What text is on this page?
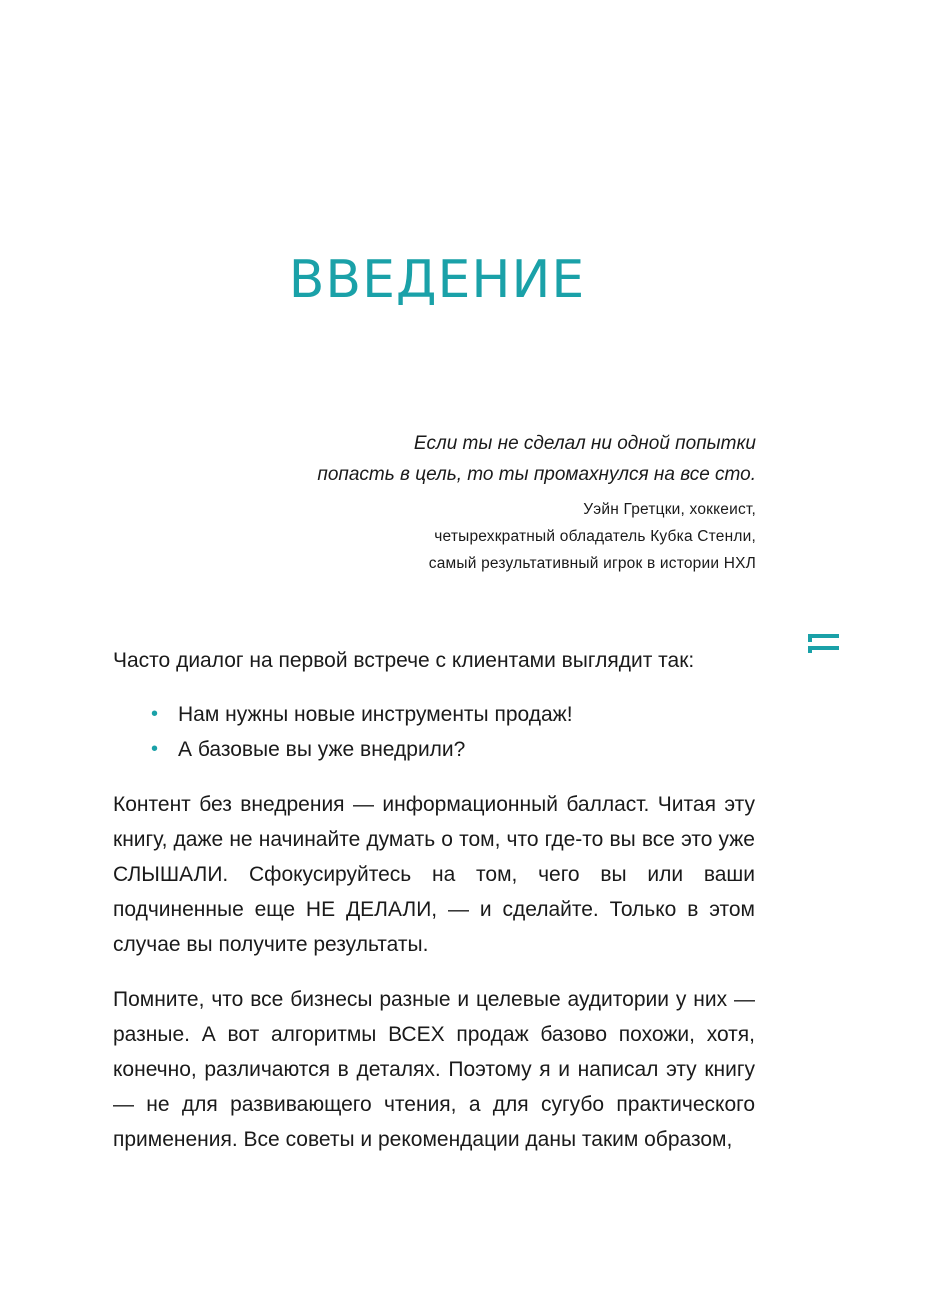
ВВЕДЕНИЕ

Если ты не сделал ни одной попытки
попасть в цель, то ты промахнулся на все сто.

Уэйн Гретцки, хоккеист,
четырехкратный обладатель Кубка Стенли,
самый результативный игрок в истории НХЛ
11

Часто диалог на первой встрече с клиентами выглядит так:

• Нам нужны новые инструменты продаж!
• А базовые вы уже внедрили?

Контент без внедрения — информационный балласт. Читая эту книгу, даже не начинайте думать о том, что где-то вы все это уже СЛЫШАЛИ. Сфокусируйтесь на том, чего вы или ваши подчиненные еще НЕ ДЕЛАЛИ, — и сделайте. Только в этом случае вы получите результаты.

Помните, что все бизнесы разные и целевые аудитории у них — разные. А вот алгоритмы ВСЕХ продаж базово похожи, хотя, конечно, различаются в деталях. Поэтому я и написал эту книгу — не для развивающего чтения, а для сугубо практического применения. Все советы и рекомендации даны таким образом,
